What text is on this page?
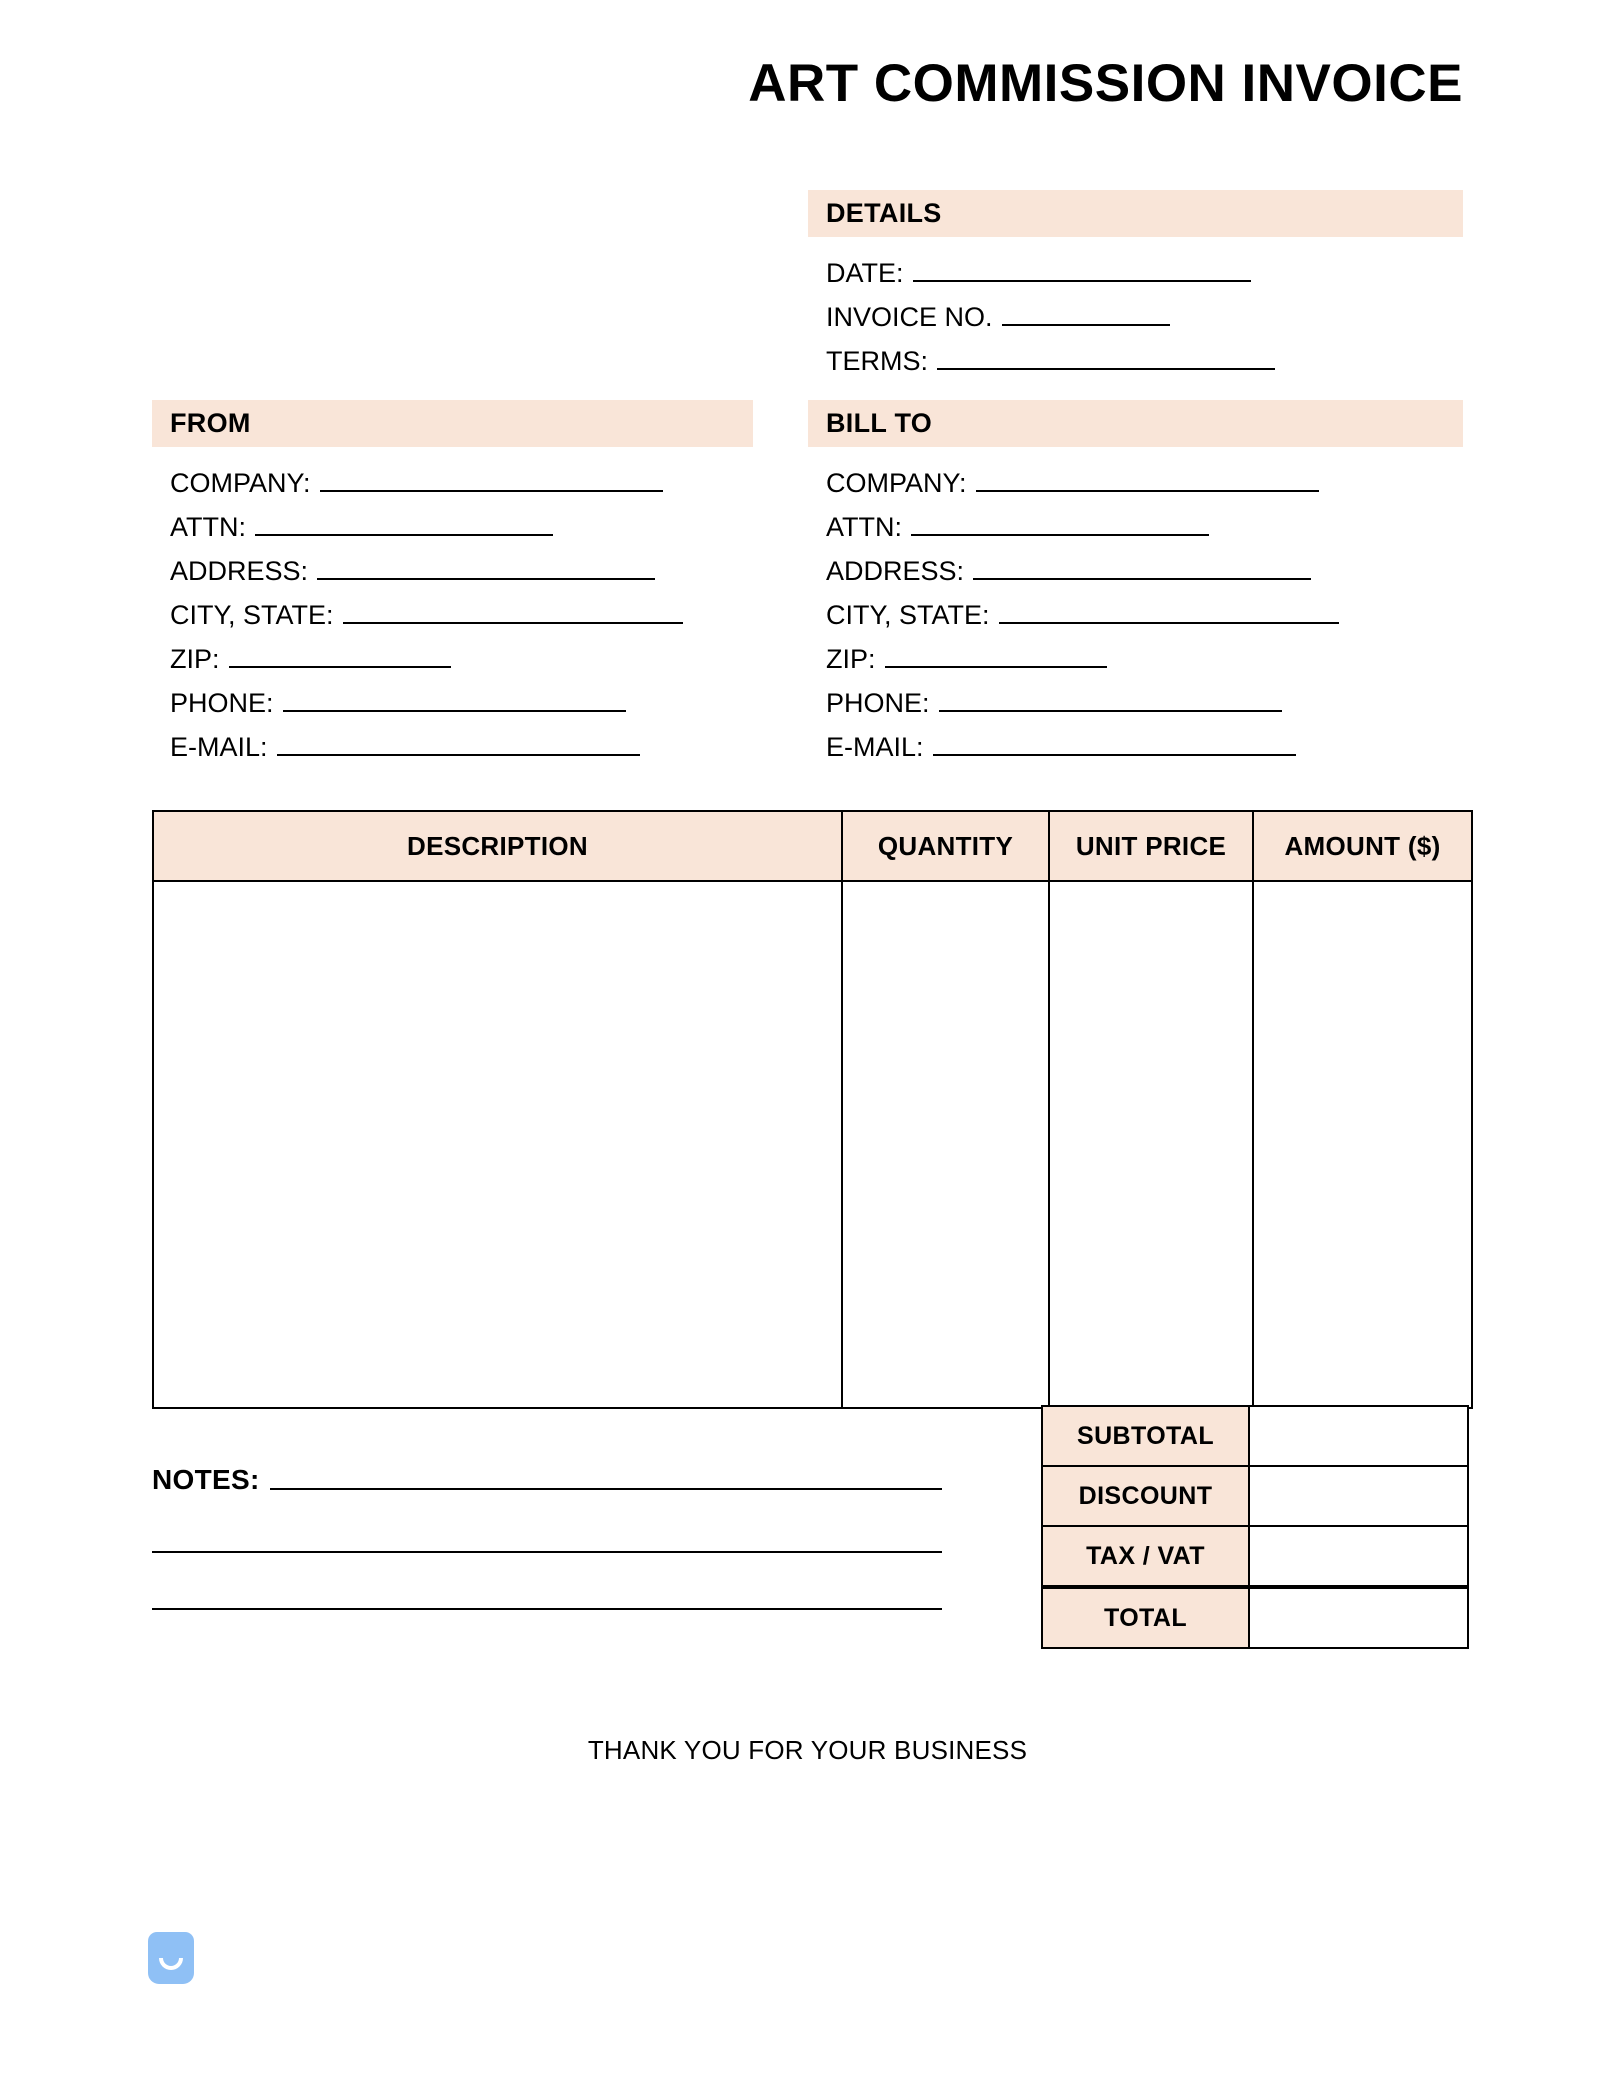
ART COMMISSION INVOICE
DETAILS
DATE:
INVOICE NO.
TERMS:
FROM
COMPANY:
ATTN:
ADDRESS:
CITY, STATE:
ZIP:
PHONE:
E-MAIL:
BILL TO
COMPANY:
ATTN:
ADDRESS:
CITY, STATE:
ZIP:
PHONE:
E-MAIL:
DESCRIPTION	QUANTITY	UNIT PRICE	AMOUNT ($)

SUBTOTAL	
DISCOUNT	
TAX / VAT	
TOTAL	
NOTES:
THANK YOU FOR YOUR BUSINESS
